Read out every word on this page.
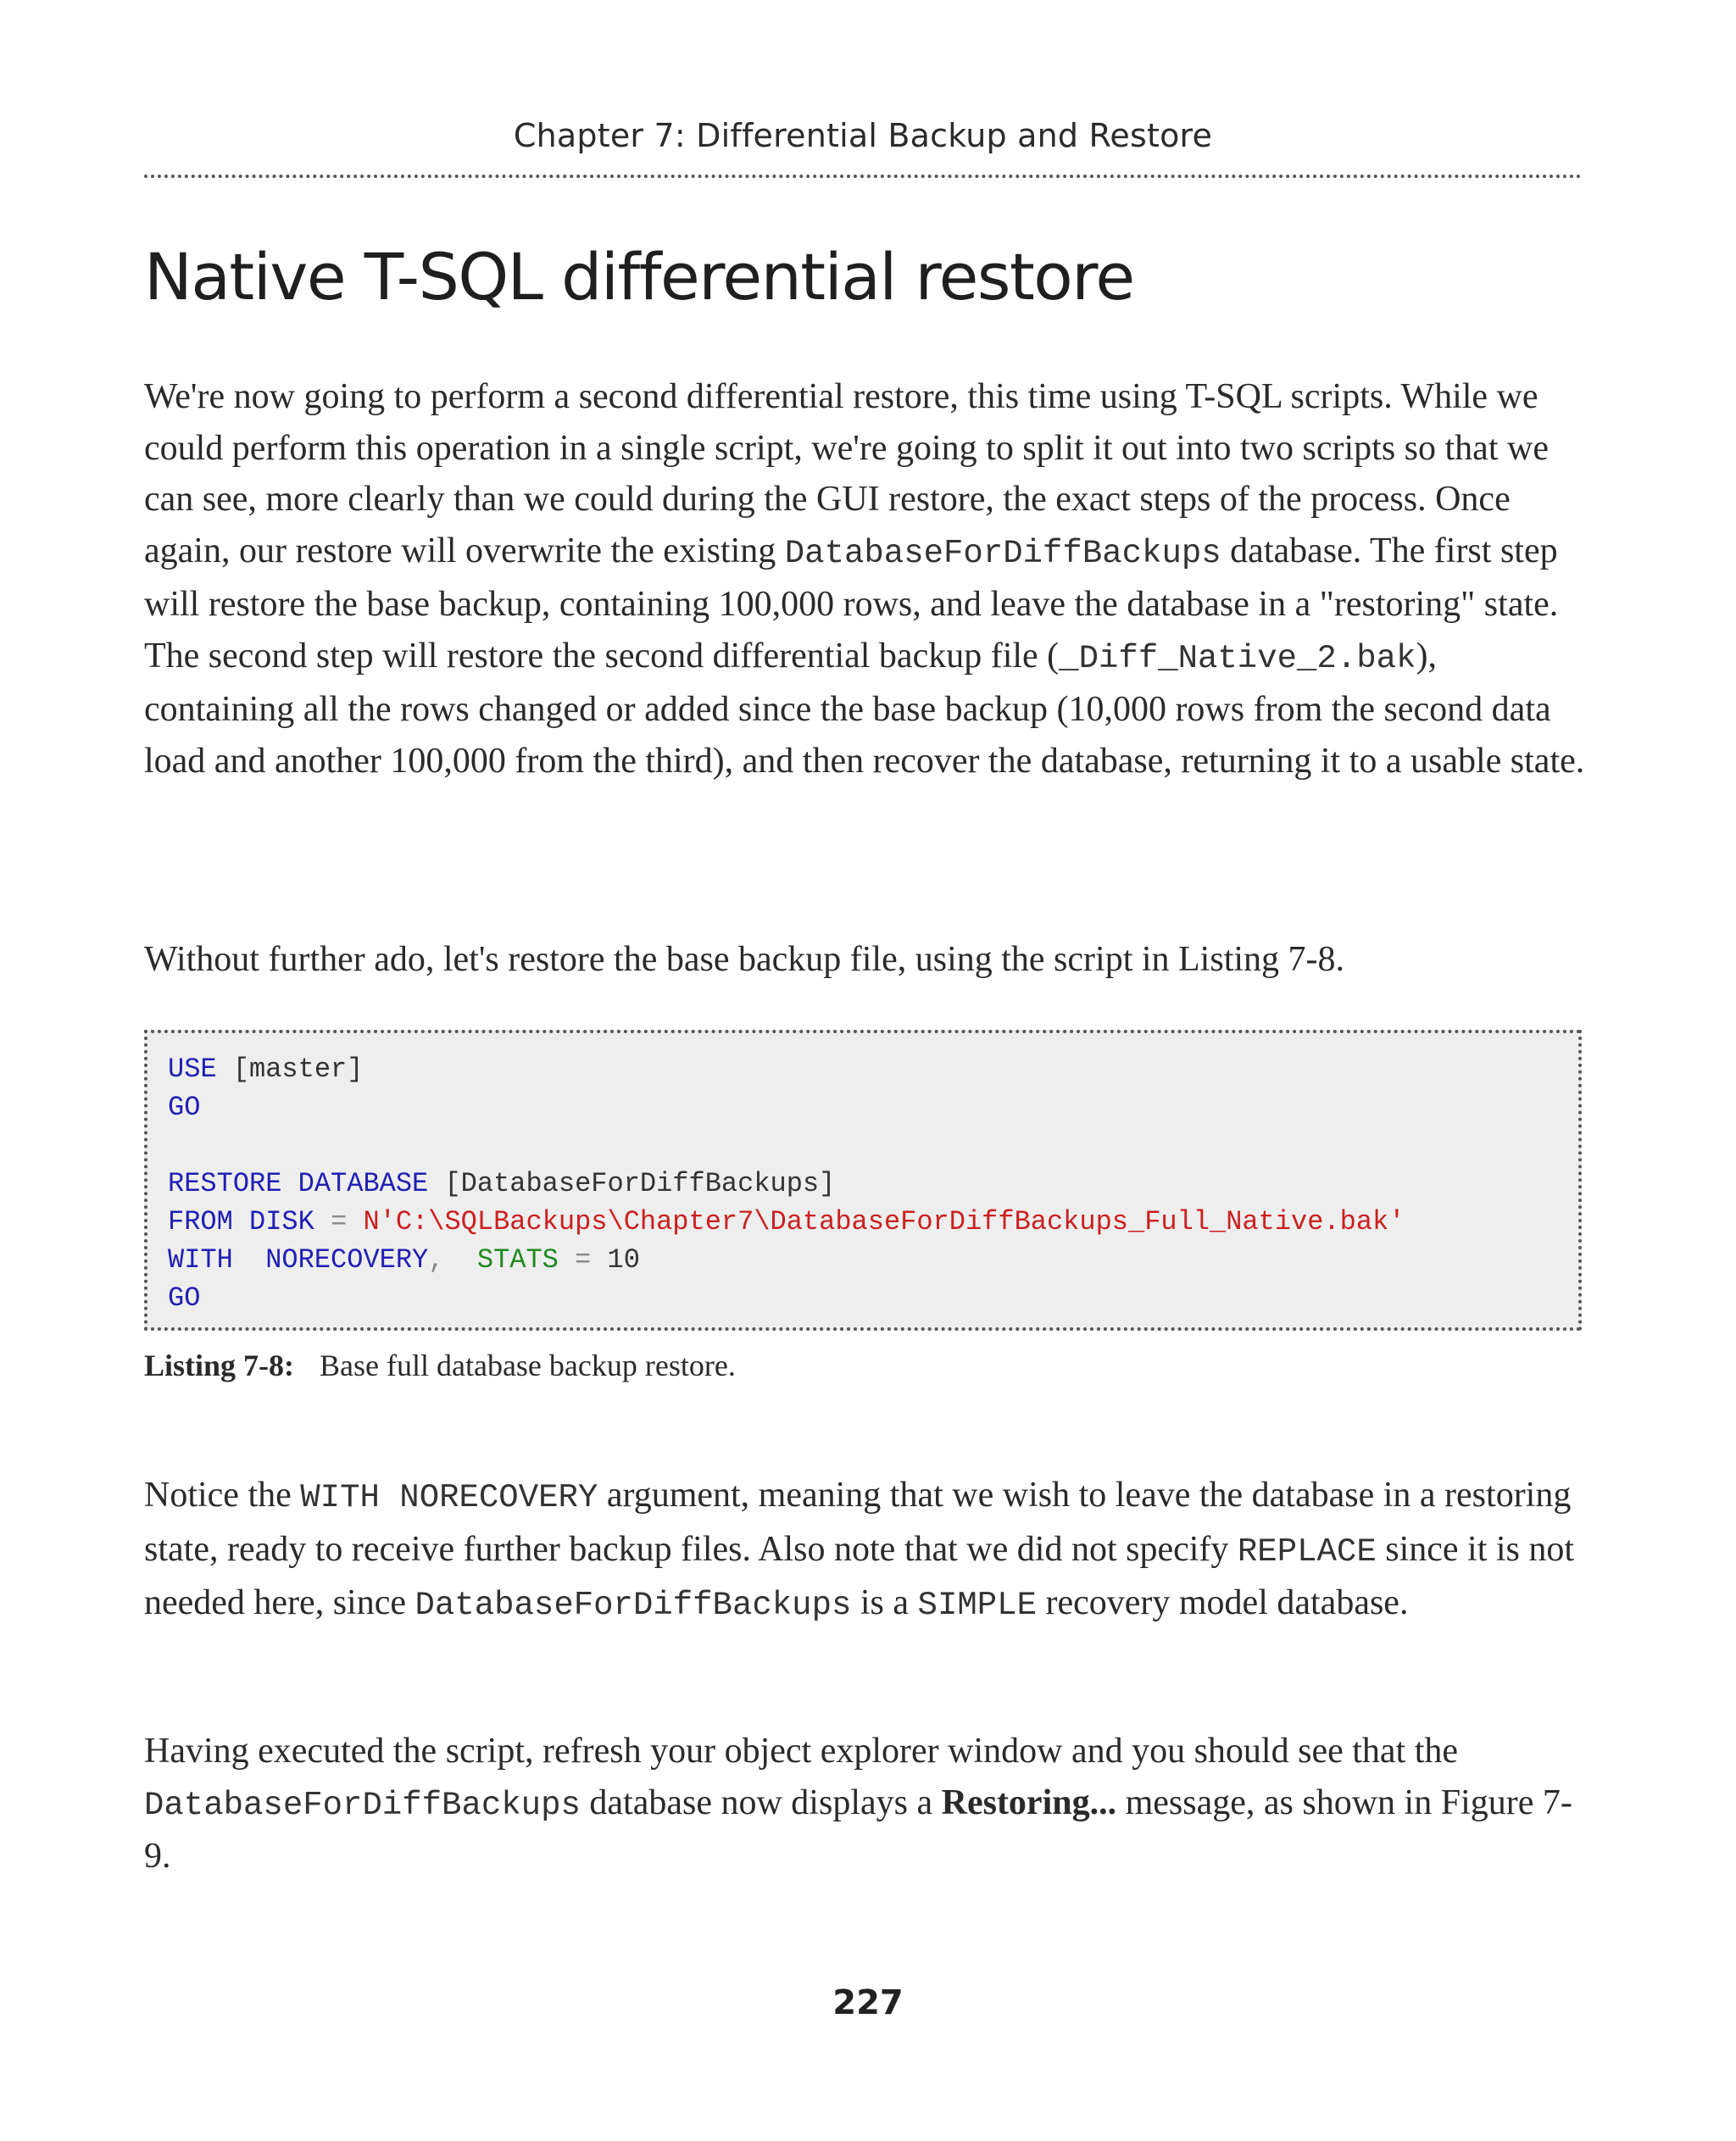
Chapter 7: Differential Backup and Restore
Native T-SQL differential restore

We're now going to perform a second differential restore, this time using T-SQL scripts. While we could perform this operation in a single script, we're going to split it out into two scripts so that we can see, more clearly than we could during the GUI restore, the exact steps of the process. Once again, our restore will overwrite the existing DatabaseForDiffBackups database. The first step will restore the base backup, containing 100,000 rows, and leave the database in a "restoring" state. The second step will restore the second differential backup file (_Diff_Native_2.bak), containing all the rows changed or added since the base backup (10,000 rows from the second data load and another 100,000 from the third), and then recover the database, returning it to a usable state.

Without further ado, let's restore the base backup file, using the script in Listing 7-8.

USE [master]
GO
RESTORE DATABASE [DatabaseForDiffBackups]
FROM DISK = N'C:\SQLBackups\Chapter7\DatabaseForDiffBackups_Full_Native.bak'
WITH  NORECOVERY,  STATS = 10
GO
Listing 7-8: Base full database backup restore.

Notice the WITH NORECOVERY argument, meaning that we wish to leave the database in a restoring state, ready to receive further backup files. Also note that we did not specify REPLACE since it is not needed here, since DatabaseForDiffBackups is a SIMPLE recovery model database.

Having executed the script, refresh your object explorer window and you should see that the DatabaseForDiffBackups database now displays a Restoring... message, as shown in Figure 7-9.

227
